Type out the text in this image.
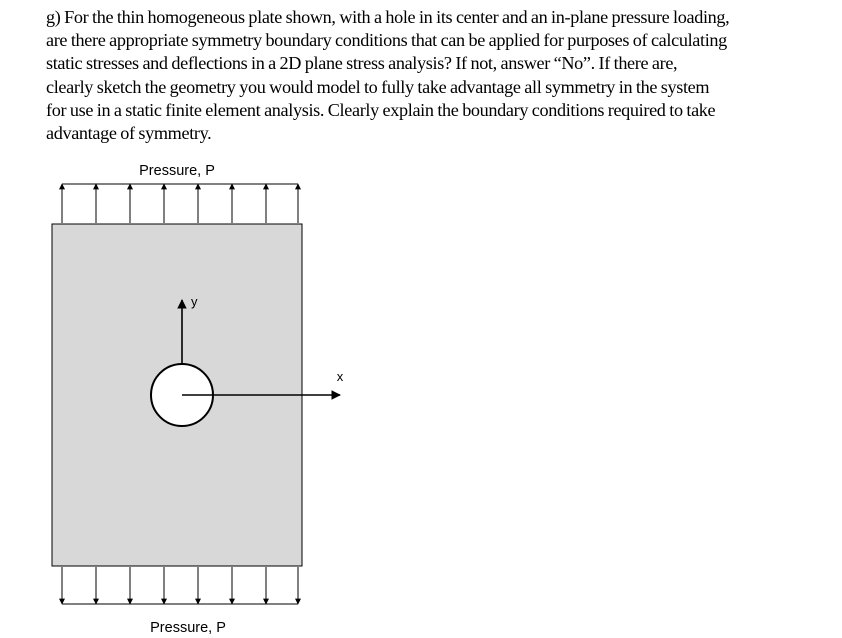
g) For the thin homogeneous plate shown, with a hole in its center and an in-plane pressure loading,
are there appropriate symmetry boundary conditions that can be applied for purposes of calculating
static stresses and deflections in a 2D plane stress analysis? If not, answer “No”. If there are,
clearly sketch the geometry you would model to fully take advantage all symmetry in the system
for use in a static finite element analysis. Clearly explain the boundary conditions required to take
advantage of symmetry.
Pressure, P
y
x
Pressure, P
